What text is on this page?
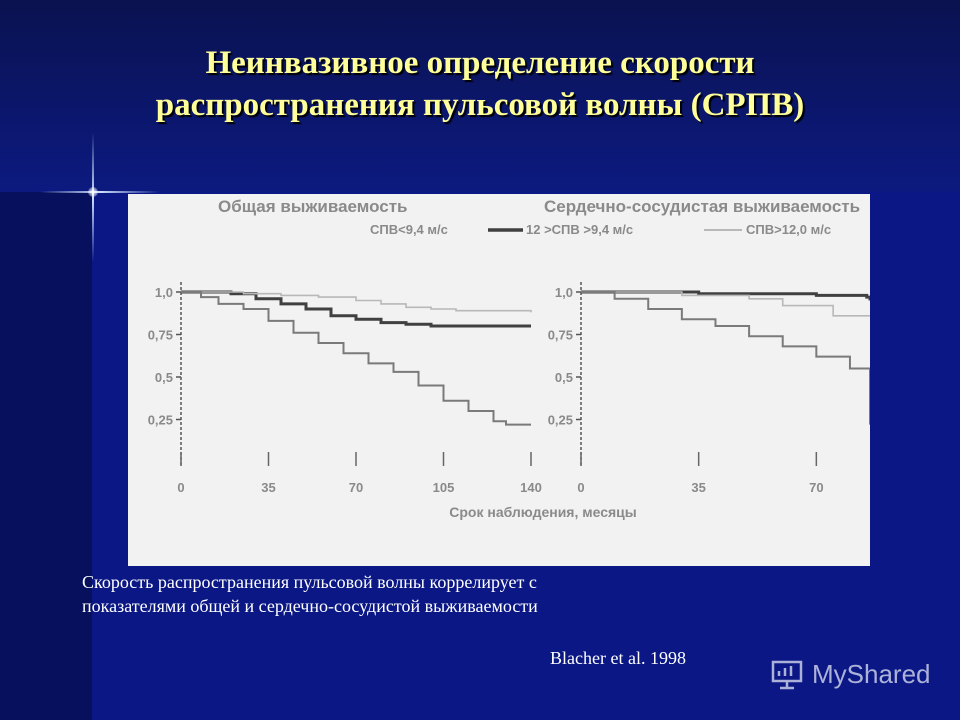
Неинвазивное определение скорости
распространения пульсовой волны (СРПВ)
Общая выживаемость	Сердечно-сосудистая выживаемость
СПВ<9,4 м/с	12 >СПВ >9,4 м/с	СПВ>12,0 м/с
1,0
0,75
0,5
0,25
0	35	70	105	140
1,0
0,75
0,5
0,25
0	35	70
Срок наблюдения, месяцы
Скорость распространения пульсовой волны коррелирует с
показателями общей и сердечно-сосудистой выживаемости
Blacher et al. 1998
MyShared
